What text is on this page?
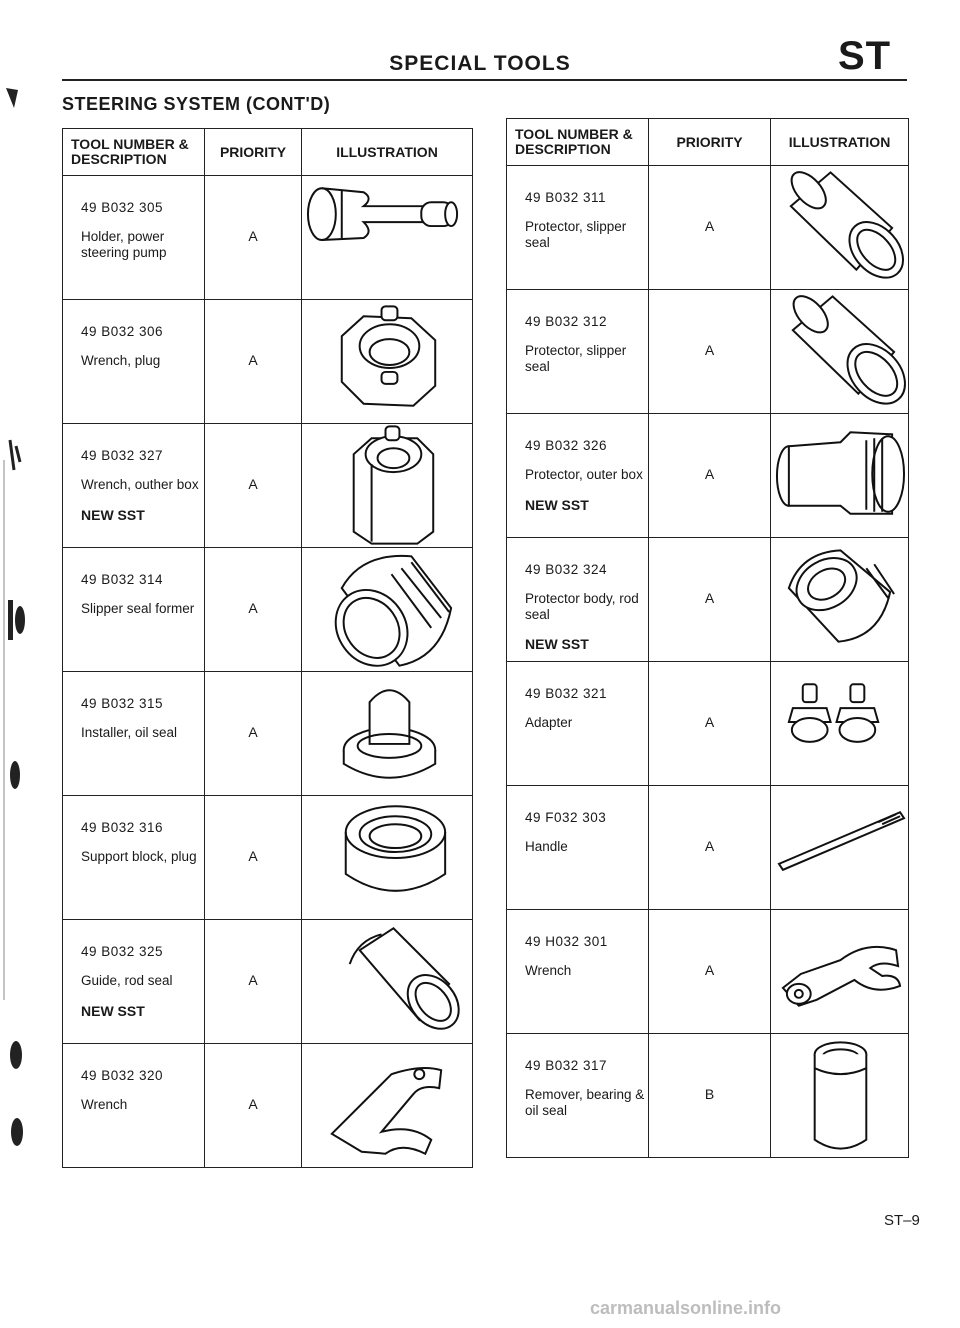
SPECIAL TOOLS	ST
STEERING SYSTEM (CONT'D)
TOOL NUMBER & DESCRIPTION	PRIORITY	ILLUSTRATION

49 B032 305
Holder, power steering pump	A

49 B032 306
Wrench, plug	A

49 B032 327
Wrench, outher box
NEW SST	A

49 B032 314
Slipper seal former	A

49 B032 315
Installer, oil seal	A

49 B032 316
Support block, plug	A

49 B032 325
Guide, rod seal
NEW SST	A

49 B032 320
Wrench	A

TOOL NUMBER & DESCRIPTION	PRIORITY	ILLUSTRATION

49 B032 311
Protector, slipper seal	A

49 B032 312
Protector, slipper seal	A

49 B032 326
Protector, outer box
NEW SST	A

49 B032 324
Protector body, rod seal
NEW SST	A

49 B032 321
Adapter	A

49 F032 303
Handle	A

49 H032 301
Wrench	A

49 B032 317
Remover, bearing & oil seal	B

ST–9
carmanualsonline.info
